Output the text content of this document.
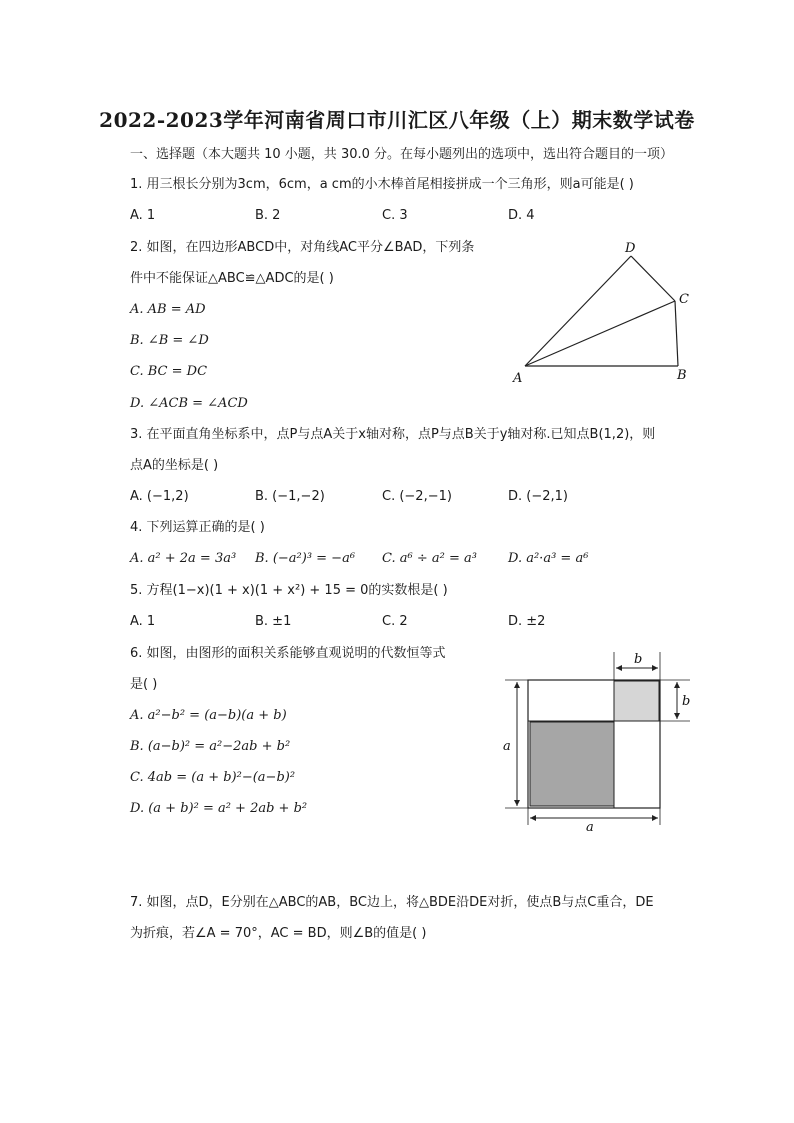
2022-2023学年河南省周口市川汇区八年级（上）期末数学试卷
一、选择题（本大题共 10 小题，共 30.0 分。在每小题列出的选项中，选出符合题目的一项）
1. 用三根长分别为3cm，6cm，a cm的小木棒首尾相接拼成一个三角形，则a可能是( )
A. 1	B. 2	C. 3	D. 4
2. 如图，在四边形ABCD中，对角线AC平分∠BAD，下列条
件中不能保证△ABC≌△ADC的是( )
A. AB = AD
B. ∠B = ∠D
C. BC = DC
D. ∠ACB = ∠ACD
A	B
C
D
3. 在平面直角坐标系中，点P与点A关于x轴对称，点P与点B关于y轴对称.已知点B(1,2)，则
点A的坐标是( )
A. (−1,2)	B. (−1,−2)	C. (−2,−1)	D. (−2,1)
4. 下列运算正确的是( )
A. a² + 2a = 3a³ B. (−a²)³ = −a⁶ C. a⁶ ÷ a² = a³ D. a²·a³ = a⁶
5. 方程(1−x)(1 + x)(1 + x²) + 15 = 0的实数根是( )
A. 1	B. ±1	C. 2	D. ±2
6. 如图，由图形的面积关系能够直观说明的代数恒等式
是( )
A. a²−b² = (a−b)(a + b)
B. (a−b)² = a²−2ab + b²
C. 4ab = (a + b)²−(a−b)²
D. (a + b)² = a² + 2ab + b²
b
b
a
a
7. 如图，点D，E分别在△ABC的AB，BC边上，将△BDE沿DE对折，使点B与点C重合，DE
为折痕，若∠A = 70°，AC = BD，则∠B的值是( )
